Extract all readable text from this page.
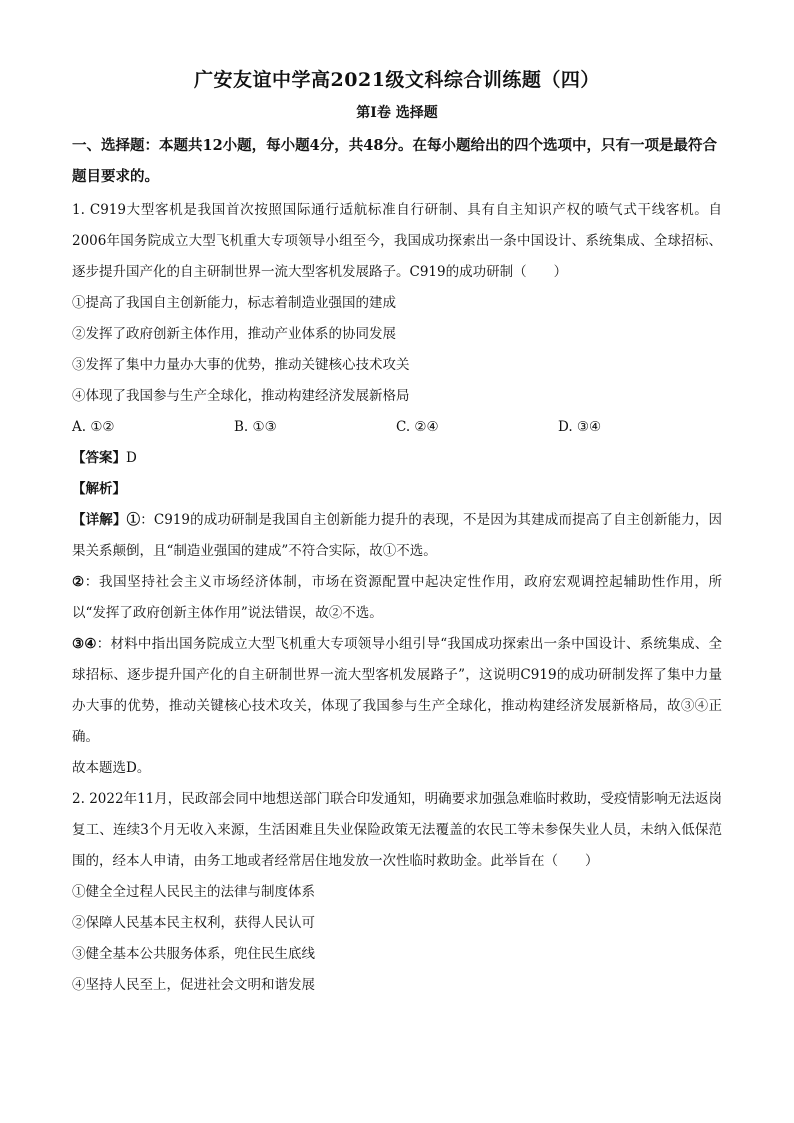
广安友谊中学高2021级文科综合训练题（四）
第Ⅰ卷 选择题
一、选择题：本题共12小题，每小题4分，共48分。在每小题给出的四个选项中，只有一项是最符合题目要求的。

1. C919大型客机是我国首次按照国际通行适航标准自行研制、具有自主知识产权的喷气式干线客机。自2006年国务院成立大型飞机重大专项领导小组至今，我国成功探索出一条中国设计、系统集成、全球招标、逐步提升国产化的自主研制世界一流大型客机发展路子。C919的成功研制（　　）

①提高了我国自主创新能力，标志着制造业强国的建成

②发挥了政府创新主体作用，推动产业体系的协同发展

③发挥了集中力量办大事的优势，推动关键核心技术攻关

④体现了我国参与生产全球化，推动构建经济发展新格局

A. ①②	B. ①③	C. ②④	D. ③④

【答案】D

【解析】

【详解】①：C919的成功研制是我国自主创新能力提升的表现，不是因为其建成而提高了自主创新能力，因果关系颠倒，且“制造业强国的建成”不符合实际，故①不选。

②：我国坚持社会主义市场经济体制，市场在资源配置中起决定性作用，政府宏观调控起辅助性作用，所以“发挥了政府创新主体作用”说法错误，故②不选。

③④：材料中指出国务院成立大型飞机重大专项领导小组引导“我国成功探索出一条中国设计、系统集成、全球招标、逐步提升国产化的自主研制世界一流大型客机发展路子”，这说明C919的成功研制发挥了集中力量办大事的优势，推动关键核心技术攻关，体现了我国参与生产全球化，推动构建经济发展新格局，故③④正确。

故本题选D。

2. 2022年11月，民政部会同中地想送部门联合印发通知，明确要求加强急难临时救助，受疫情影响无法返岗复工、连续3个月无收入来源，生活困难且失业保险政策无法覆盖的农民工等未参保失业人员，未纳入低保范围的，经本人申请，由务工地或者经常居住地发放一次性临时救助金。此举旨在（　　）

①健全全过程人民民主的法律与制度体系

②保障人民基本民主权利，获得人民认可

③健全基本公共服务体系，兜住民生底线

④坚持人民至上，促进社会文明和谐发展
